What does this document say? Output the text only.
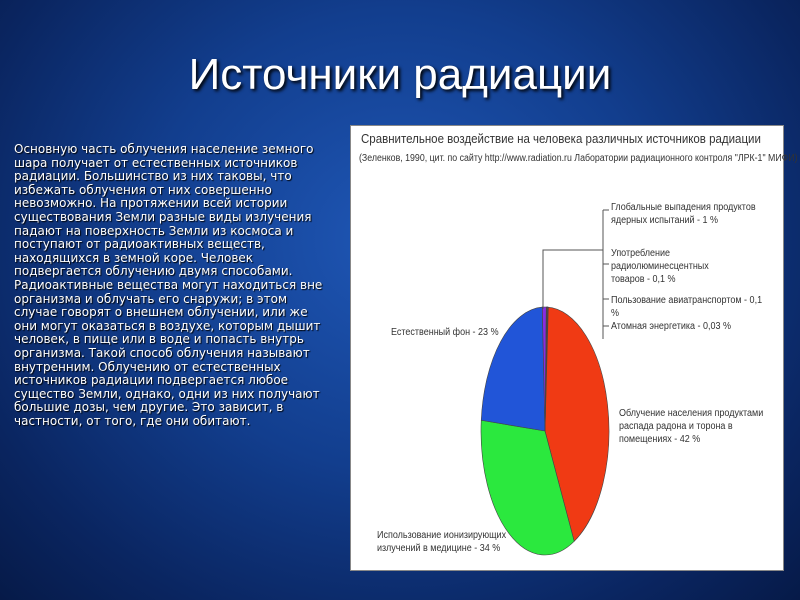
Источники радиации

Основную часть облучения население земного шара получает от естественных источников радиации. Большинство из них таковы, что избежать облучения от них совершенно невозможно. На протяжении всей истории существования Земли разные виды излучения падают на поверхность Земли из космоса и поступают от радиоактивных веществ, находящихся в земной коре. Человек подвергается облучению двумя способами. Радиоактивные вещества могут находиться вне организма и облучать его снаружи; в этом случае говорят о внешнем облучении, или же они могут оказаться в воздухе, которым дышит человек, в пище или в воде и попасть внутрь организма. Такой способ облучения называют внутренним. Облучению от естественных источников радиации подвергается любое существо Земли, однако, одни из них получают большие дозы, чем другие. Это зависит, в частности, от того, где они обитают.

Сравнительное воздействие на человека различных источников радиации
(Зеленков, 1990, цит. по сайту http://www.radiation.ru Лаборатории радиационного контроля "ЛРК-1" МИФИ)
Глобальные выпадения продуктов
ядерных испытаний - 1 %
Употребление радиолюминесцентных
товаров - 0,1 %
Пользование авиатранспортом - 0,1 %
Атомная энергетика - 0,03 %
Естественный фон - 23 %
Облучение населения продуктами
распада радона и торона в
помещениях - 42 %
Использование ионизирующих
излучений в медицине - 34 %
